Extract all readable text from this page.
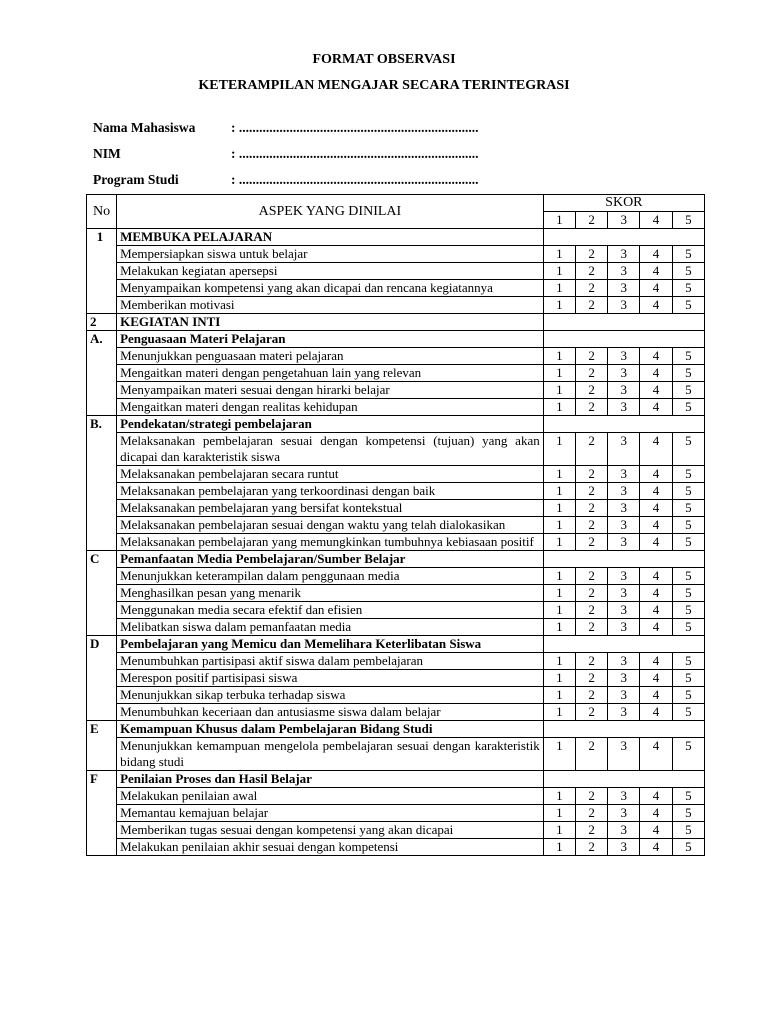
FORMAT OBSERVASI
KETERAMPILAN MENGAJAR SECARA TERINTEGRASI
Nama Mahasiswa	: .......................................................................
NIM	: .......................................................................
Program Studi	: .......................................................................
No	ASPEK YANG DINILAI	SKOR				
		1	2	3	4	5
1	MEMBUKA PELAJARAN					
	Mempersiapkan siswa untuk belajar	1	2	3	4	5
	Melakukan kegiatan apersepsi	1	2	3	4	5
	Menyampaikan kompetensi yang akan dicapai dan rencana kegiatannya	1	2	3	4	5
	Memberikan motivasi	1	2	3	4	5
2	KEGIATAN INTI					
A.	Penguasaan Materi Pelajaran					
	Menunjukkan penguasaan materi pelajaran	1	2	3	4	5
	Mengaitkan materi dengan pengetahuan lain yang relevan	1	2	3	4	5
	Menyampaikan materi sesuai dengan hirarki belajar	1	2	3	4	5
	Mengaitkan materi dengan realitas kehidupan	1	2	3	4	5
B.	Pendekatan/strategi pembelajaran					
	Melaksanakan pembelajaran sesuai dengan kompetensi (tujuan) yang akan dicapai dan karakteristik siswa	1	2	3	4	5
	Melaksanakan pembelajaran secara runtut	1	2	3	4	5
	Melaksanakan pembelajaran yang terkoordinasi dengan baik	1	2	3	4	5
	Melaksanakan pembelajaran yang bersifat kontekstual	1	2	3	4	5
	Melaksanakan pembelajaran sesuai dengan waktu yang telah dialokasikan	1	2	3	4	5
	Melaksanakan pembelajaran yang memungkinkan tumbuhnya kebiasaan positif	1	2	3	4	5
C	Pemanfaatan Media Pembelajaran/Sumber Belajar					
	Menunjukkan keterampilan dalam penggunaan media	1	2	3	4	5
	Menghasilkan pesan yang menarik	1	2	3	4	5
	Menggunakan media secara efektif dan efisien	1	2	3	4	5
	Melibatkan siswa dalam pemanfaatan media	1	2	3	4	5
D	Pembelajaran yang Memicu dan Memelihara Keterlibatan Siswa					
	Menumbuhkan partisipasi aktif siswa dalam pembelajaran	1	2	3	4	5
	Merespon positif partisipasi siswa	1	2	3	4	5
	Menunjukkan sikap terbuka terhadap siswa	1	2	3	4	5
	Menumbuhkan keceriaan dan antusiasme siswa dalam belajar	1	2	3	4	5
E	Kemampuan Khusus dalam Pembelajaran Bidang Studi					
	Menunjukkan kemampuan mengelola pembelajaran sesuai dengan karakteristik bidang studi	1	2	3	4	5
F	Penilaian Proses dan Hasil Belajar					
	Melakukan penilaian awal	1	2	3	4	5
	Memantau kemajuan belajar	1	2	3	4	5
	Memberikan tugas sesuai dengan kompetensi yang akan dicapai	1	2	3	4	5
	Melakukan penilaian akhir sesuai dengan kompetensi	1	2	3	4	5
